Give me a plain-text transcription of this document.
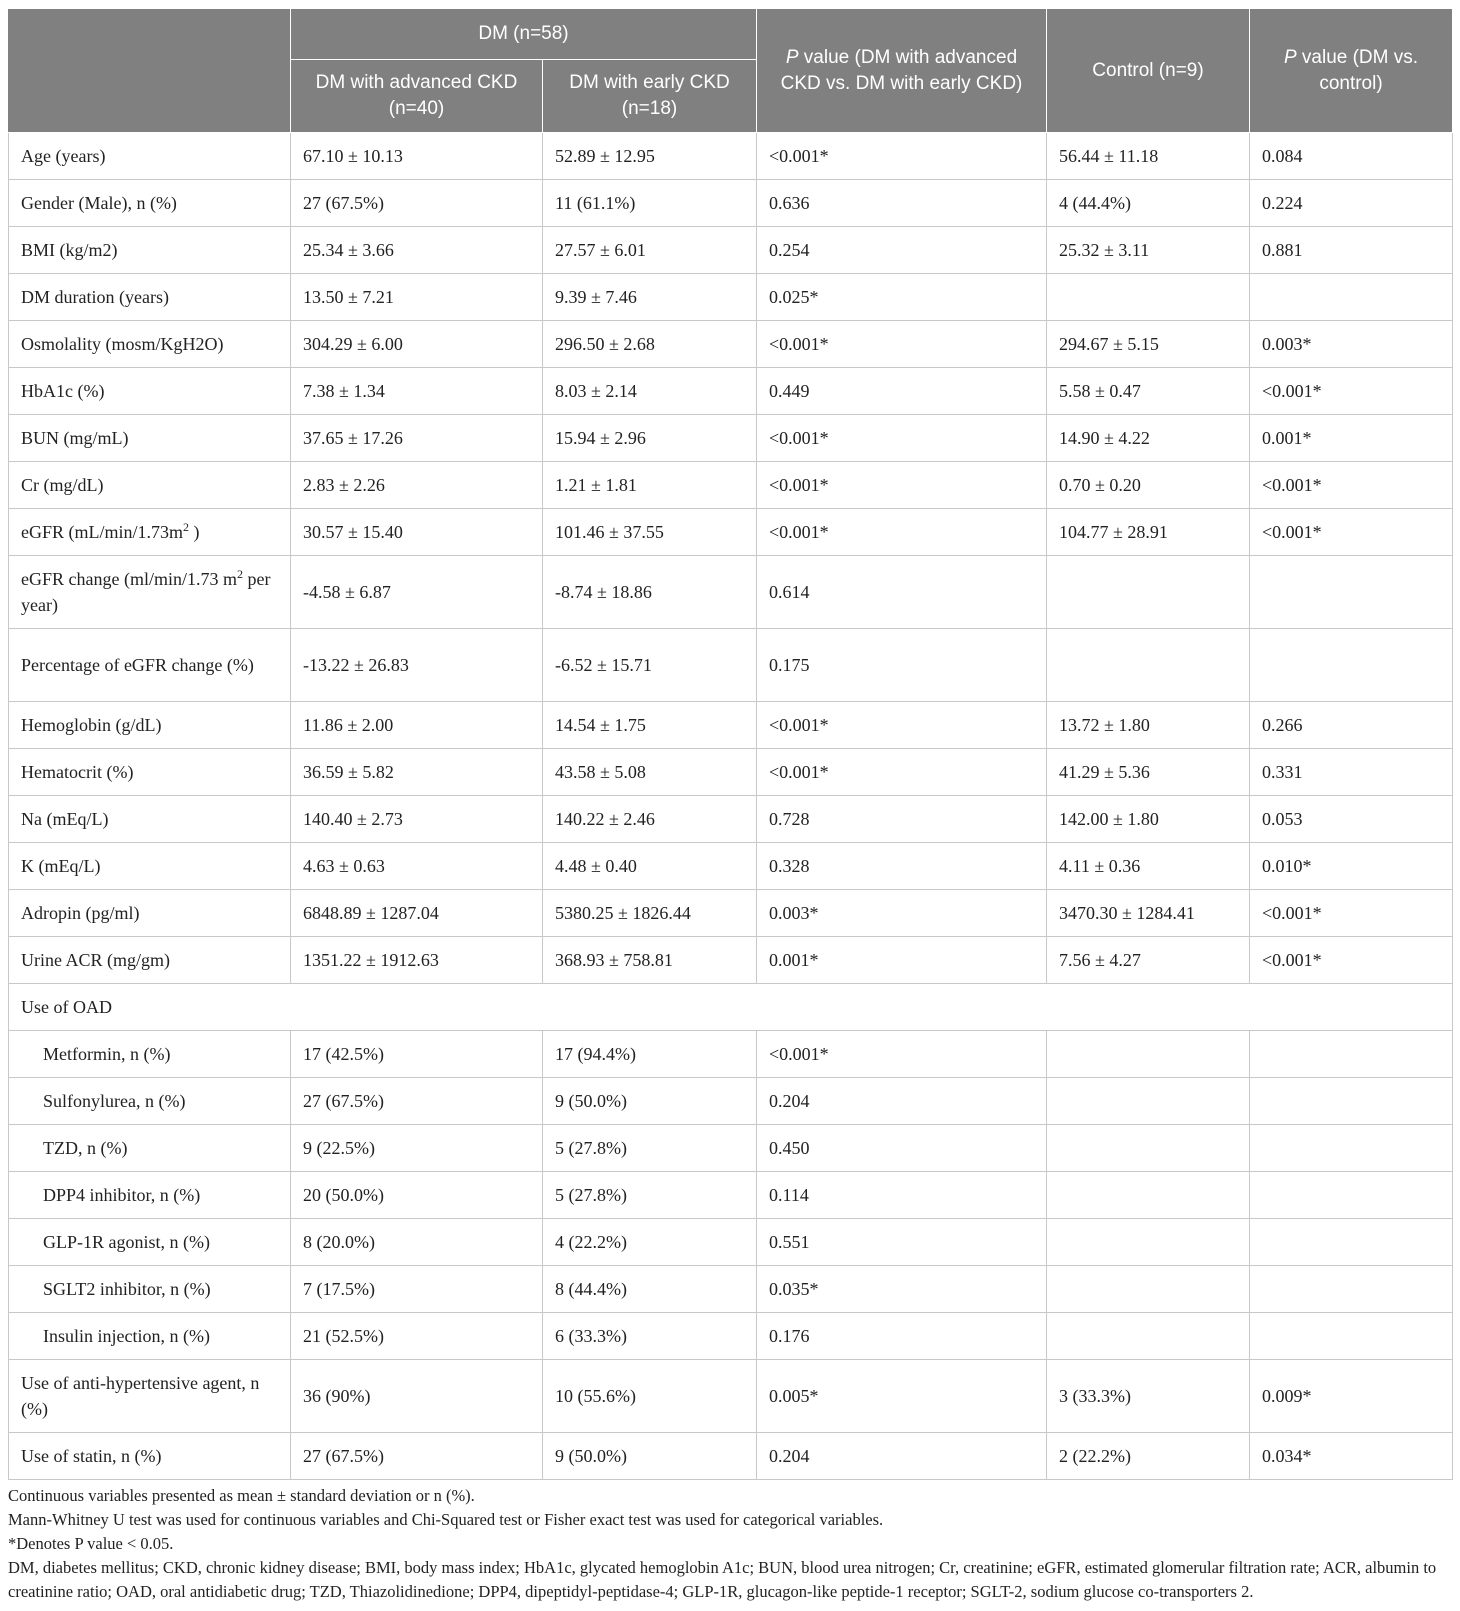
	DM (n=58)		P value (DM with advanced CKD vs. DM with early CKD)	Control (n=9)	P value (DM vs. control)
	DM with advanced CKD (n=40)	DM with early CKD (n=18)			
Age (years)	67.10 ± 10.13	52.89 ± 12.95	<0.001*	56.44 ± 11.18	0.084
Gender (Male), n (%)	27 (67.5%)	11 (61.1%)	0.636	4 (44.4%)	0.224
BMI (kg/m2)	25.34 ± 3.66	27.57 ± 6.01	0.254	25.32 ± 3.11	0.881
DM duration (years)	13.50 ± 7.21	9.39 ± 7.46	0.025*		
Osmolality (mosm/KgH2O)	304.29 ± 6.00	296.50 ± 2.68	<0.001*	294.67 ± 5.15	0.003*
HbA1c (%)	7.38 ± 1.34	8.03 ± 2.14	0.449	5.58 ± 0.47	<0.001*
BUN (mg/mL)	37.65 ± 17.26	15.94 ± 2.96	<0.001*	14.90 ± 4.22	0.001*
Cr (mg/dL)	2.83 ± 2.26	1.21 ± 1.81	<0.001*	0.70 ± 0.20	<0.001*
eGFR ($mL/\min/1.73m^2$ )	30.57 ± 15.40	101.46 ± 37.55	<0.001*	104.77 ± 28.91	<0.001*
eGFR change (ml/min/1.73 $m^2$ per year)	-4.58 ± 6.87	-8.74 ± 18.86	0.614		
Percentage of eGFR change (%)	-13.22 ± 26.83	-6.52 ± 15.71	0.175		
Hemoglobin (g/dL)	11.86 ± 2.00	14.54 ± 1.75	<0.001*	13.72 ± 1.80	0.266
Hematocrit (%)	36.59 ± 5.82	43.58 ± 5.08	<0.001*	41.29 ± 5.36	0.331
Na (mEq/L)	140.40 ± 2.73	140.22 ± 2.46	0.728	142.00 ± 1.80	0.053
K (mEq/L)	4.63 ± 0.63	4.48 ± 0.40	0.328	4.11 ± 0.36	0.010*
Adropin (pg/ml)	6848.89 ± 1287.04	5380.25 ± 1826.44	0.003*	3470.30 ± 1284.41	<0.001*
Urine ACR (mg/gm)	1351.22 ± 1912.63	368.93 ± 758.81	0.001*	7.56 ± 4.27	<0.001*
Use of OAD					
Metformin, n (%)	17 (42.5%)	17 (94.4%)	<0.001*		
Sulfonylurea, n (%)	27 (67.5%)	9 (50.0%)	0.204		
TZD, n (%)	9 (22.5%)	5 (27.8%)	0.450		
DPP4 inhibitor, n (%)	20 (50.0%)	5 (27.8%)	0.114		
GLP-1R agonist, n (%)	8 (20.0%)	4 (22.2%)	0.551		
SGLT2 inhibitor, n (%)	7 (17.5%)	8 (44.4%)	0.035*		
Insulin injection, n (%)	21 (52.5%)	6 (33.3%)	0.176		
Use of anti-hypertensive agent, n (%)	36 (90%)	10 (55.6%)	0.005*	3 (33.3%)	0.009*
Use of statin, n (%)	27 (67.5%)	9 (50.0%)	0.204	2 (22.2%)	0.034*
Continuous variables presented as mean ± standard deviation or n (%).
Mann-Whitney U test was used for continuous variables and Chi-Squared test or Fisher exact test was used for categorical variables.
*Denotes P value < 0.05.
DM, diabetes mellitus; CKD, chronic kidney disease; BMI, body mass index; HbA1c, glycated hemoglobin A1c; BUN, blood urea nitrogen; Cr, creatinine; eGFR, estimated glomerular filtration rate; ACR, albumin to creatinine ratio; OAD, oral antidiabetic drug; TZD, Thiazolidinedione; DPP4, dipeptidyl-peptidase-4; GLP-1R, glucagon-like peptide-1 receptor; SGLT-2, sodium glucose co-transporters 2.
